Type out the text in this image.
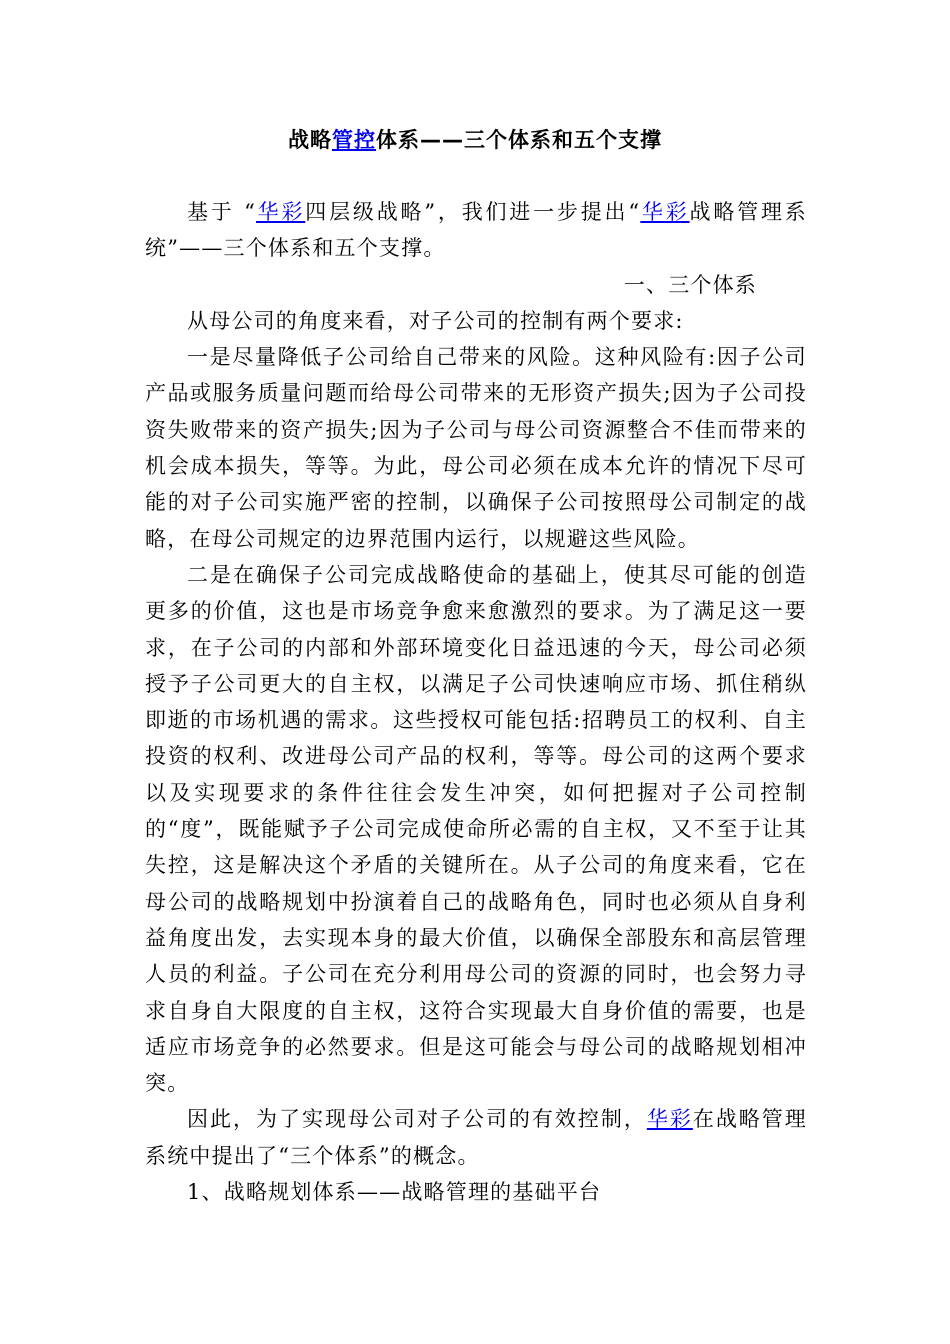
战略管控体系——三个体系和五个支撑

基于 “华彩四层级战略”，我们进一步提出“华彩战略管理系统”——三个体系和五个支撑。

一、三个体系

从母公司的角度来看，对子公司的控制有两个要求:

一是尽量降低子公司给自己带来的风险。这种风险有:因子公司产品或服务质量问题而给母公司带来的无形资产损失;因为子公司投资失败带来的资产损失;因为子公司与母公司资源整合不佳而带来的机会成本损失，等等。为此，母公司必须在成本允许的情况下尽可能的对子公司实施严密的控制，以确保子公司按照母公司制定的战略，在母公司规定的边界范围内运行，以规避这些风险。

二是在确保子公司完成战略使命的基础上，使其尽可能的创造更多的价值，这也是市场竞争愈来愈激烈的要求。为了满足这一要求，在子公司的内部和外部环境变化日益迅速的今天，母公司必须授予子公司更大的自主权，以满足子公司快速响应市场、抓住稍纵即逝的市场机遇的需求。这些授权可能包括:招聘员工的权利、自主投资的权利、改进母公司产品的权利，等等。母公司的这两个要求以及实现要求的条件往往会发生冲突，如何把握对子公司控制的“度”，既能赋予子公司完成使命所必需的自主权，又不至于让其失控，这是解决这个矛盾的关键所在。从子公司的角度来看，它在母公司的战略规划中扮演着自己的战略角色，同时也必须从自身利益角度出发，去实现本身的最大价值，以确保全部股东和高层管理人员的利益。子公司在充分利用母公司的资源的同时，也会努力寻求自身自大限度的自主权，这符合实现最大自身价值的需要，也是适应市场竞争的必然要求。但是这可能会与母公司的战略规划相冲突。

因此，为了实现母公司对子公司的有效控制，华彩在战略管理系统中提出了“三个体系”的概念。

1、战略规划体系——战略管理的基础平台
